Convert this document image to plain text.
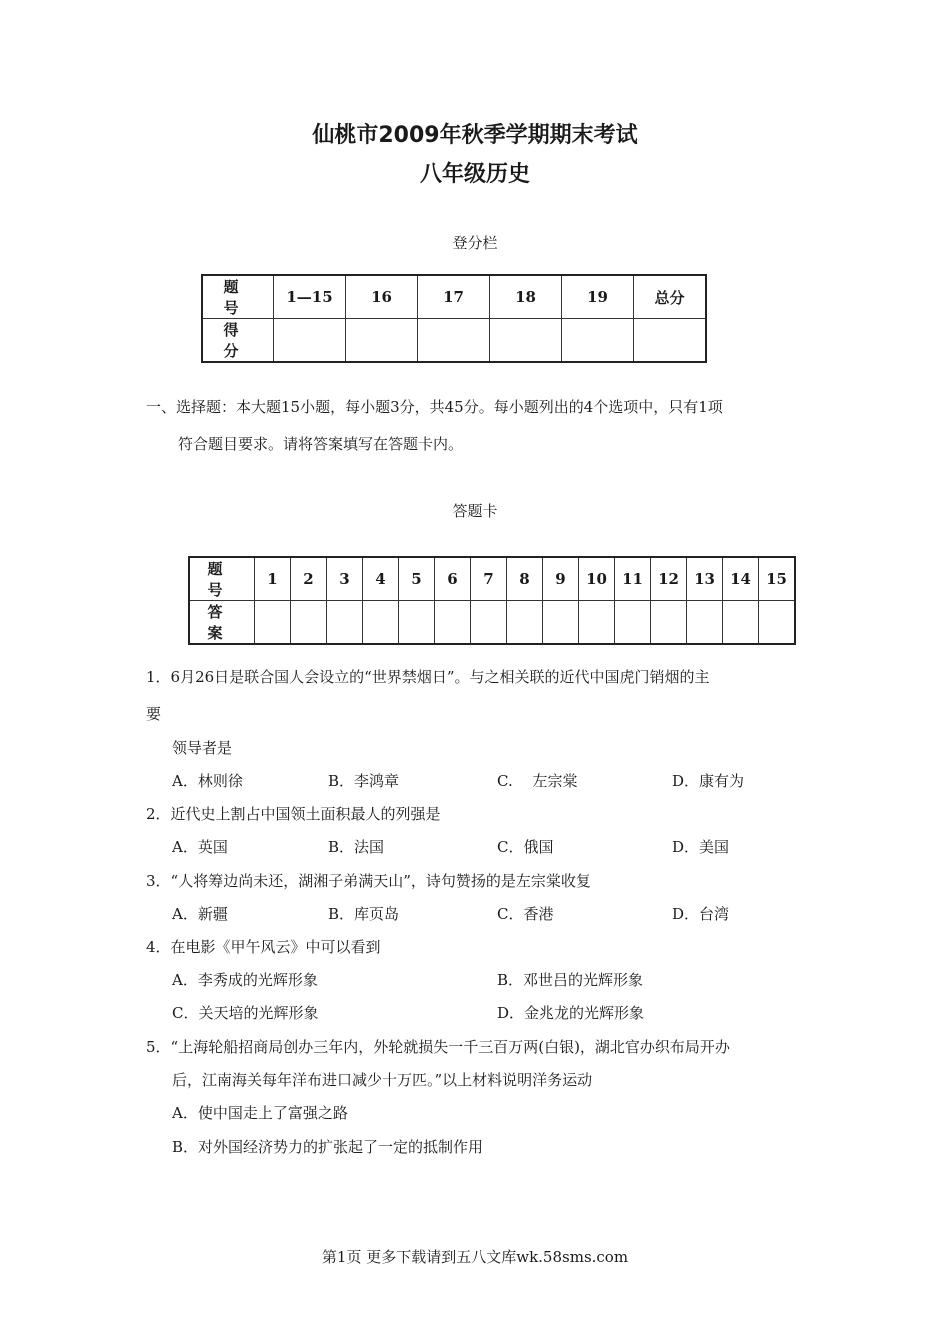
仙桃市2009年秋季学期期末考试
八年级历史
登分栏
题　号	1—15	16	17	18	19	总分
得　分						
一、选择题：本大题15小题，每小题3分，共45分。每小题列出的4个选项中，只有1项
符合题目要求。请将答案填写在答题卡内。
答题卡
题　号	1	2	3	4	5	6	7	8	9	10	11	12	13	14	15
答　案															
1．6月26日是联合国人会设立的“世界禁烟日”。与之相关联的近代中国虎门销烟的主
要
领导者是
A．林则徐	B．李鸿章	C.　 左宗棠	D．康有为
2．近代史上割占中国领土面积最人的列强是
A．英国	B．法国	C．俄国	D．美国
3．“人将筹边尚未还，湖湘子弟满天山”，诗句赞扬的是左宗棠收复
A．新疆	B．库页岛	C．香港	D．台湾
4．在电影《甲午风云》中可以看到
A．李秀成的光辉形象	B．邓世吕的光辉形象
C．关天培的光辉形象	D．金兆龙的光辉形象
5．“上海轮船招商局创办三年内，外轮就损失一千三百万两(白银)，湖北官办织布局开办
后，江南海关每年洋布进口减少十万匹。”以上材料说明洋务运动
A．使中国走上了富强之路
B．对外国经济势力的扩张起了一定的抵制作用
第1页 更多下载请到五八文库wk.58sms.com
